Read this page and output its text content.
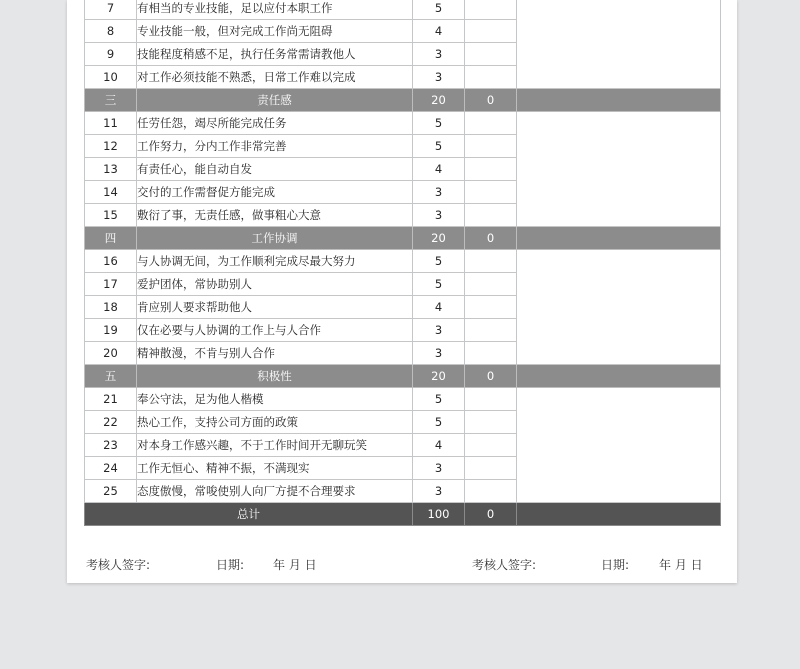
7	有相当的专业技能，足以应付本职工作	5		
8	专业技能一般，但对完成工作尚无阻碍	4		
9	技能程度稍感不足，执行任务常需请教他人	3		
10	对工作必须技能不熟悉，日常工作难以完成	3		
三	责任感	20	0	
11	任劳任怨，竭尽所能完成任务	5		
12	工作努力，分内工作非常完善	5		
13	有责任心，能自动自发	4		
14	交付的工作需督促方能完成	3		
15	敷衍了事，无责任感，做事粗心大意	3		
四	工作协调	20	0	
16	与人协调无间，为工作顺利完成尽最大努力	5		
17	爱护团体，常协助别人	5		
18	肯应别人要求帮助他人	4		
19	仅在必要与人协调的工作上与人合作	3		
20	精神散漫，不肯与别人合作	3		
五	积极性	20	0	
21	奉公守法，足为他人楷模	5		
22	热心工作，支持公司方面的政策	5		
23	对本身工作感兴趣，不于工作时间开无聊玩笑	4		
24	工作无恒心、精神不振，不满现实	3		
25	态度傲慢，常唆使别人向厂方提不合理要求	3		
总计		100	0	
考核人签字:	日期: 年 月 日	考核人签字:	日期: 年 月 日
